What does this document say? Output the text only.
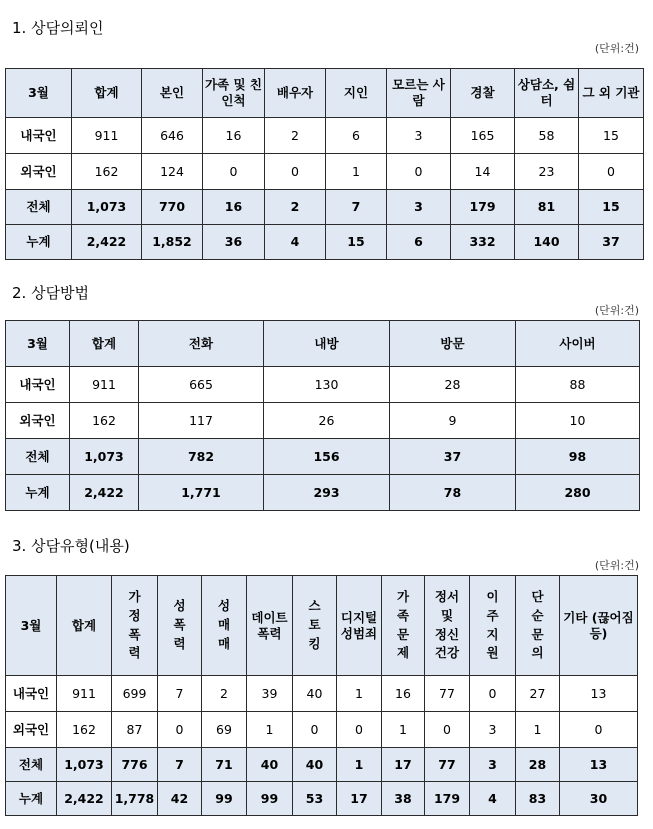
1. 상담의뢰인
(단위:건)
3월	합계	본인	가족 및 친인척	배우자	지인	모르는 사람	경찰	상담소, 쉼터	그 외 기관
내국인	911	646	16	2	6	3	165	58	15
외국인	162	124	0	0	1	0	14	23	0
전체	1,073	770	16	2	7	3	179	81	15
누계	2,422	1,852	36	4	15	6	332	140	37
2. 상담방법
(단위:건)
3월	합계	전화	내방	방문	사이버
내국인	911	665	130	28	88
외국인	162	117	26	9	10
전체	1,073	782	156	37	98
누계	2,422	1,771	293	78	280
3. 상담유형(내용)
(단위:건)
3월	합계	가정폭력	성폭력	성매매	데이트 폭력	스토킹	디지털 성범죄	가족문제	정서 및 정신 건강	이주지원	단순문의	기타 (끊어짐 등)
내국인	911	699	7	2	39	40	1	16	77	0	27	13
외국인	162	87	0	69	1	0	0	1	0	3	1	0
전체	1,073	776	7	71	40	40	1	17	77	3	28	13
누계	2,422	1,778	42	99	99	53	17	38	179	4	83	30
